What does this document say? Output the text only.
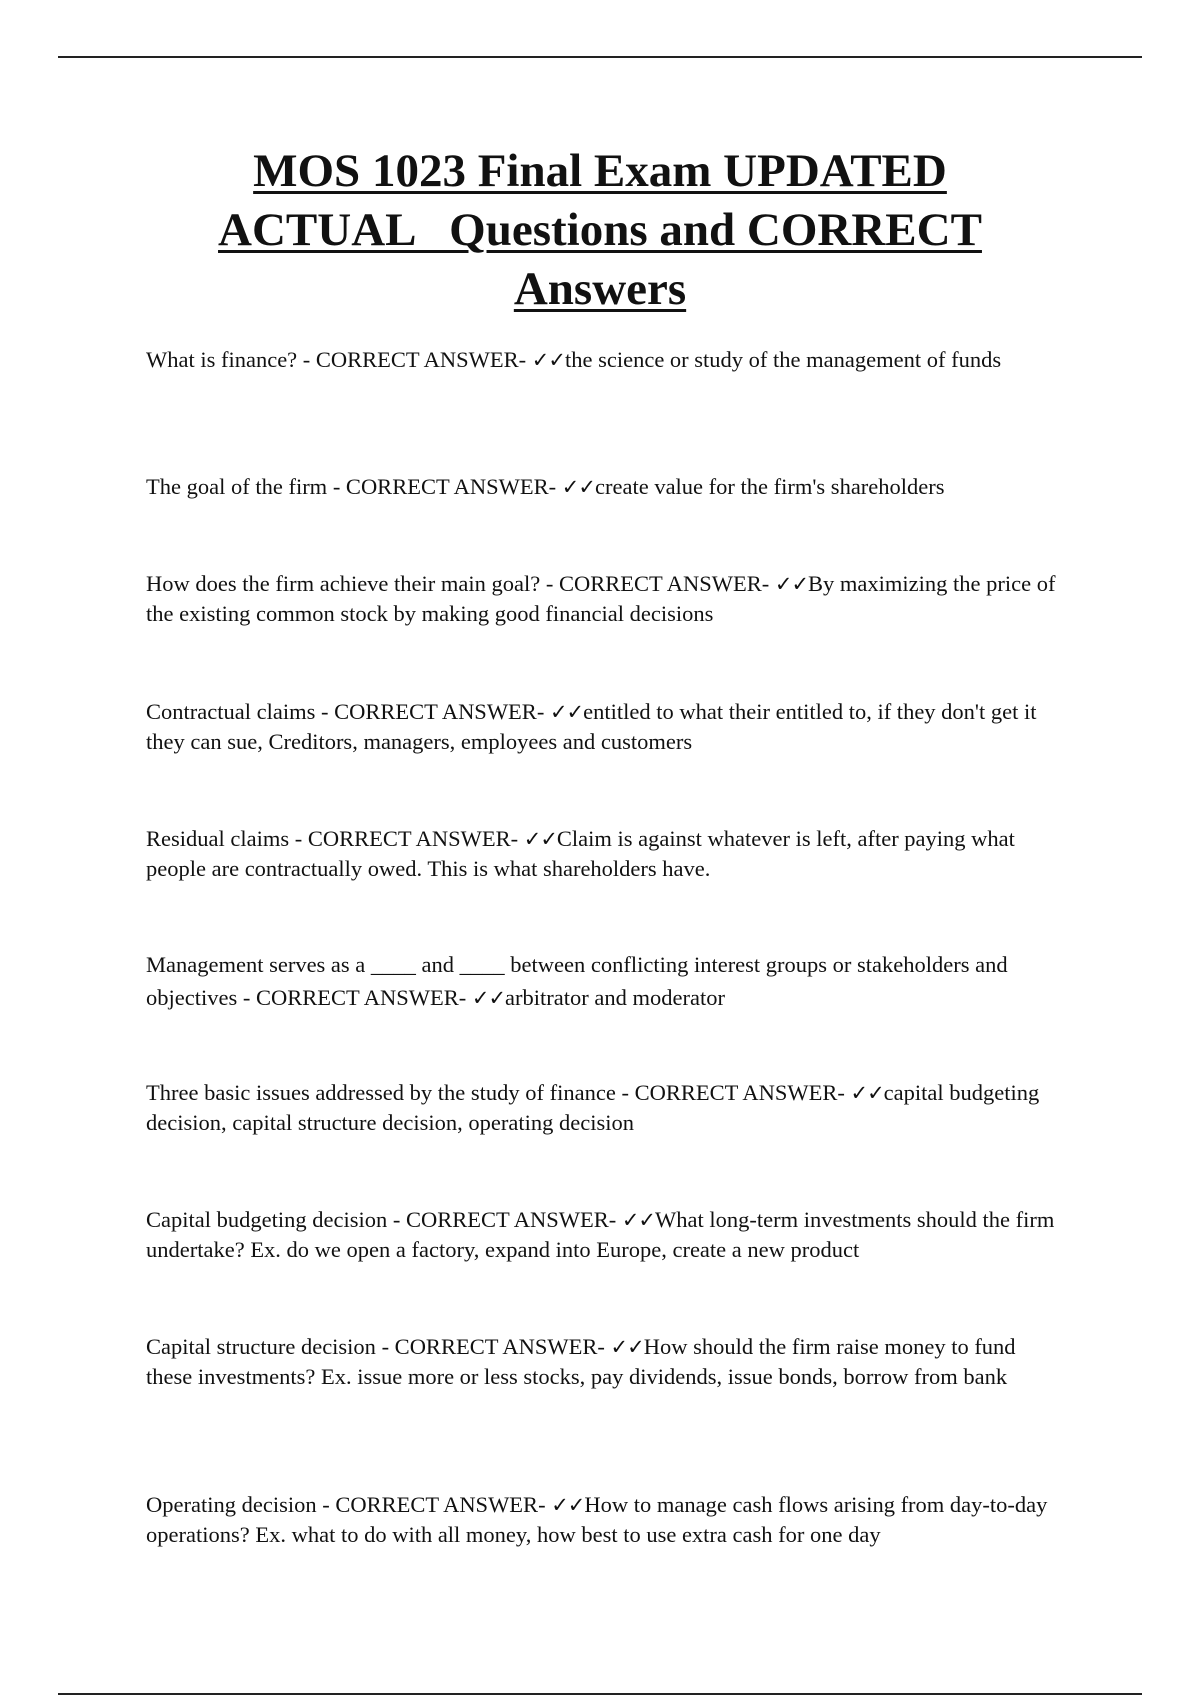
MOS 1023 Final Exam UPDATED
ACTUAL   Questions and CORRECT
Answers

What is finance? - CORRECT ANSWER- ✓✓the science or study of the management of funds

The goal of the firm - CORRECT ANSWER- ✓✓create value for the firm's shareholders

How does the firm achieve their main goal? - CORRECT ANSWER- ✓✓By maximizing the price of the existing common stock by making good financial decisions

Contractual claims - CORRECT ANSWER- ✓✓entitled to what their entitled to, if they don't get it they can sue, Creditors, managers, employees and customers

Residual claims - CORRECT ANSWER- ✓✓Claim is against whatever is left, after paying what people are contractually owed. This is what shareholders have.

Management serves as a ____ and ____ between conflicting interest groups or stakeholders and objectives - CORRECT ANSWER- ✓✓arbitrator and moderator

Three basic issues addressed by the study of finance - CORRECT ANSWER- ✓✓capital budgeting decision, capital structure decision, operating decision

Capital budgeting decision - CORRECT ANSWER- ✓✓What long-term investments should the firm undertake? Ex. do we open a factory, expand into Europe, create a new product

Capital structure decision - CORRECT ANSWER- ✓✓How should the firm raise money to fund these investments? Ex. issue more or less stocks, pay dividends, issue bonds, borrow from bank

Operating decision - CORRECT ANSWER- ✓✓How to manage cash flows arising from day-to-day operations? Ex. what to do with all money, how best to use extra cash for one day
